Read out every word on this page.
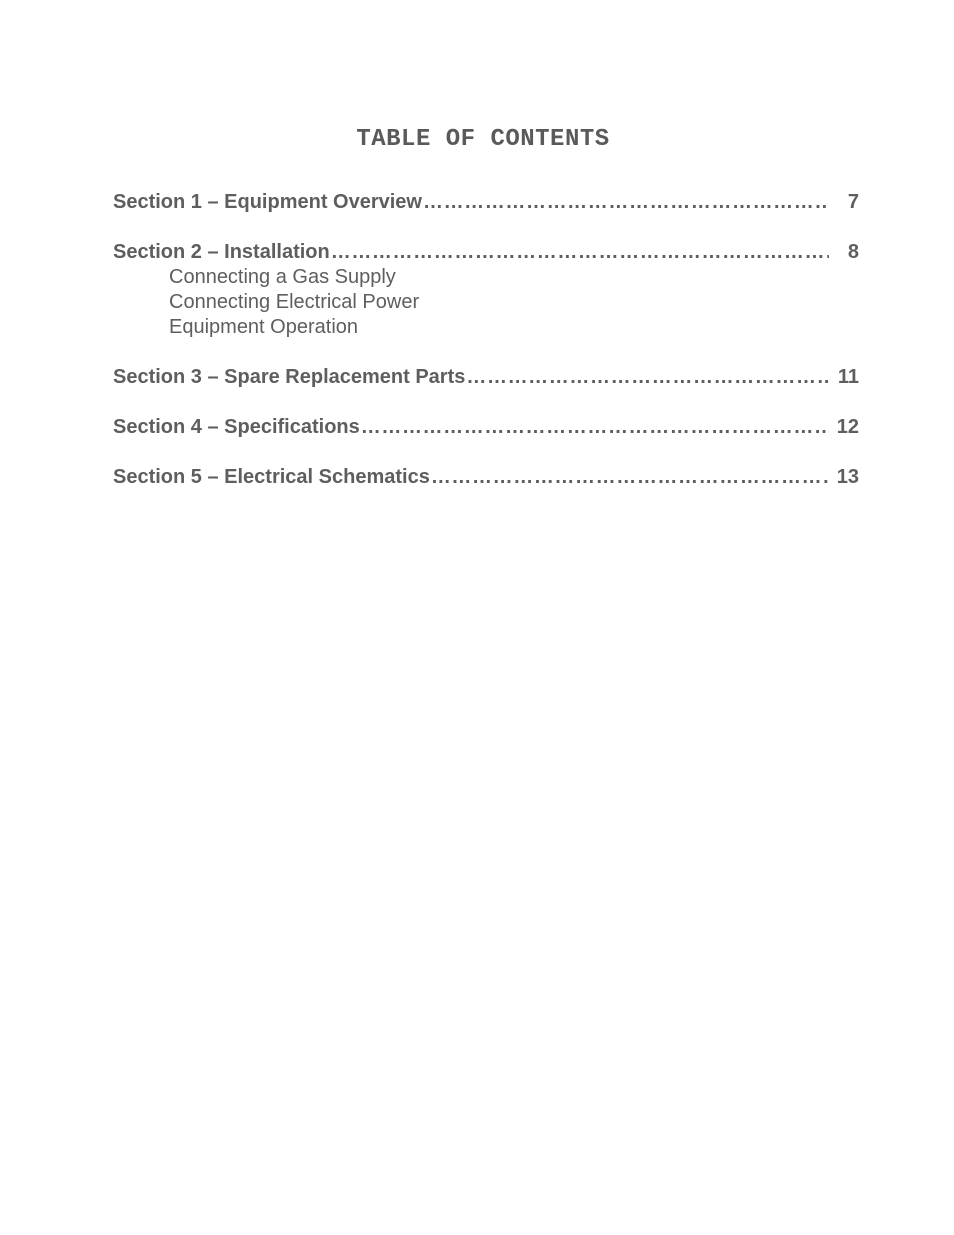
TABLE OF CONTENTS
Section 1 – Equipment Overview ……………………………………………………………………………………………………………………………	7
Section 2 – Installation ……………………………………………………………………………………………………………………………	8
Connecting a Gas Supply
Connecting Electrical Power
Equipment Operation
Section 3 – Spare Replacement Parts ……………………………………………………………………………………………………………………………	11
Section 4 – Specifications ……………………………………………………………………………………………………………………………	12
Section 5 – Electrical Schematics ……………………………………………………………………………………………………………………………	13
